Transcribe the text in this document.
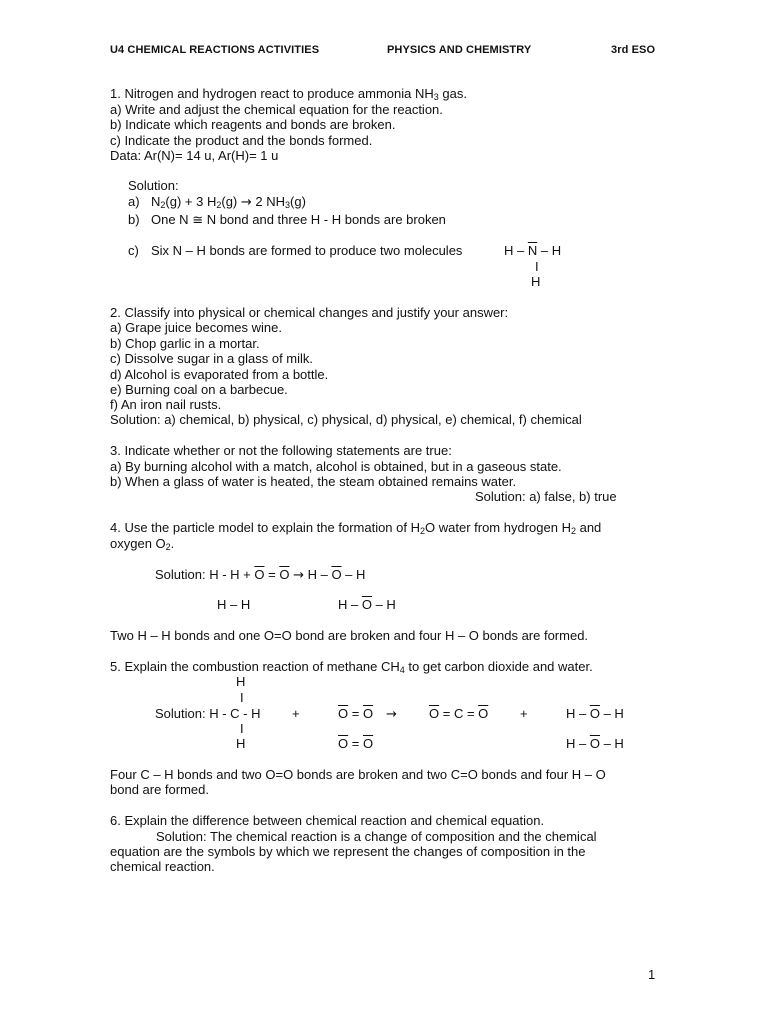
U4 CHEMICAL REACTIONS ACTIVITIES	PHYSICS AND CHEMISTRY	3rd ESO
1. Nitrogen and hydrogen react to produce ammonia $NH_3$ gas.
a) Write and adjust the chemical equation for the reaction.
b) Indicate which reagents and bonds are broken.
c) Indicate the product and the bonds formed.
Data: Ar(N)= 14 u, Ar(H)= 1 u
Solution:
a) $N_2(g) + 3$ $H_2(g) \to 2$ $NH_3(g)$
b) One N ≅ N bond and three H - H bonds are broken
c) Six N – H bonds are formed to produce two molecules	H – $\overline{N}$ – H
I
H
2. Classify into physical or chemical changes and justify your answer:
a) Grape juice becomes wine.
b) Chop garlic in a mortar.
c) Dissolve sugar in a glass of milk.
d) Alcohol is evaporated from a bottle.
e) Burning coal on a barbecue.
f) An iron nail rusts.
Solution: a) chemical, b) physical, c) physical, d) physical, e) chemical, f) chemical
3. Indicate whether or not the following statements are true:
a) By burning alcohol with a match, alcohol is obtained, but in a gaseous state.
b) When a glass of water is heated, the steam obtained remains water.
Solution: a) false, b) true
4. Use the particle model to explain the formation of $H_2O$ water from hydrogen $H_2$ and
oxygen $O_2$.
Solution: $H - H + \overline{O} = \overline{O} \to H - \overline{O} - H$
H – H	H – $\overline{O}$ – H
Two H – H bonds and one O=O bond are broken and four H – O bonds are formed.
5. Explain the combustion reaction of methane $CH_4$ to get carbon dioxide and water.
H
I
Solution: H - C - H +	$\overline{O} = \overline{O} \to \overline{O} = C = \overline{O}$ +	H – $\overline{O}$ – H
I
H	$\overline{O} = \overline{O}$	H – $\overline{O}$ – H
Four C – H bonds and two O=O bonds are broken and two C=O bonds and four H – O
bond are formed.
6. Explain the difference between chemical reaction and chemical equation.
Solution: The chemical reaction is a change of composition and the chemical
equation are the symbols by which we represent the changes of composition in the
chemical reaction.
1
